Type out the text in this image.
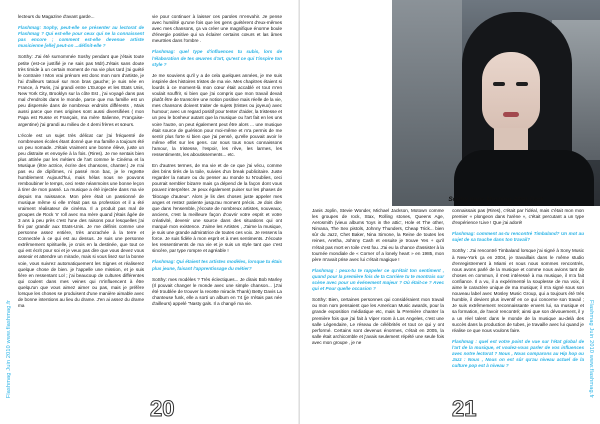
Flashmag Juin 2010 www.flashmag.fr

lecteurs du Magazine d'avant garde...

Flashmag: Sophy, peut-elle se présenter au lectorat de Flashmag ? Qui est-elle pour ceux qui ne la connaissent pas encore ; comment est-elle devenue artiste musicienne [elle] peut-on ...définit-elle ?

SoShy: J'ai été surnommée Soshy pendant que j'étais toute petite (est-ce justifié je ne sais pas Mdr).J'étais sans doute très timide à un certain moment de ma vie plus tard j'ai guété le contraire ! Mon vrai prénom est donc mon nom d'artiste, je l'ai d'ailleurs tatoué sur mon bras gauche; je suis née en France, à Paris, j'ai grandi entre L'Europe et les Etats Unis, New York City, Brooklyn sur la côte Est , j'ai voyagé dans pas mal d'endroits dans le monde, parce que ma famille est un peu dispersée dans de nombreux endroits différents , Mais aussi parce que mes origines sont aussi diversifiées ( mon Papa est Russe et Français, ma mère Italienne, Française-argentine) j'ai grandi au milieu de 4 demi frères et sœurs.

L'école est un sujet très délicat car j'ai fréquenté de nombreuses écoles étant donné que ma famille a toujours été un peu nomade. J'étais vraiment une bonne élève, juste un peu distraite et envoyée à la fois. (Rires). Je me sentais bien plus attirée par les métiers de l'art comme le Cinéma et la Musique (être actrice, écrire des chansons, chanter.) Je n'ai pas eu de diplômes, ni passé mon bac, je le regrette humblement Aujourd'hui, mais hélas nous ne pouvons remboubiner le temps, ceci reste néanmoins une bonne leçon à tirer de mon passé. La musique a été injectée dans ma vie depuis ma naissance. Mon père était un passionné de musique même si elle n'était pas sa profession et il a été vraiment réalisateur de cinéma. Il a produit pas mal de groupes de Rock 'n' roll avec ma mère quand j'étais âgée de 3 ans à peu près c'est l'une des raisons pour lesquelles j'ai fini par grandir aux Etats-Unis. Je me définis comme une personne assez entière, très ancrachée à la terre et Connectée à ce qui est au dessus. Je suis une personne extrêmement spirituelle, je crois en la destinée, que tout ce qui est écrit pour soi et je veux pas dire que vous devez vous asseoir et attendre un miracle, mais si vous lisez sur la bonne voie, vous suivrez automatiquement les Signes et réaliserez quelque chose de bien. je l'appelle une mission, et je suis fière en ressentant Lol ; j'ai beaucoup de cultures différentes qui coulent dans mes veines qui m'influencent à être quelqu'un que vous aimez aimer ou pas, mais je préfère lorsque les choses se produisent d'une manière aimable avec de bonne intentions au lieu du drame. J'en ai assez du drame ma

vie pour continuer à laisser ces paroles m'envahir. Je pense avec humilité qu'une fois que les gens guétèrent d'eux-mêmes avec mes chansons, ça va créer une magnifique énorme boule d'énergie positive qui va éclairer certains cœurs et las âmes meurtries dans l'ombre .

Flashmag: quel type d'influences tu subis, lors de l'élaboration de tes œuvres d'art, qu'est ce qui t'inspire ton style ?

Je me souviens qu'il y a de cela quelques années, je me suis inspirée des histoires tristes de ma vie. Mes chapitres étaient si lourds à ce moment-là mon cœur était accablé et tout m'en voulait souffrir, si bien que j'ai compris que mon travail devait plutôt être de transcrire une notion positive mais réelle de la vie, mes chansons doivent traiter de sujets (tristes ou joyeux) avec humour; avec un regard positif pour tenter d'aider, la tristesse et un peu le bonheur autant que la musique ou l'art fait en les uns voire l'autre, on peut également peut être alors ... une musique était source de guérison pour moi-même et m'a permis de me sentir plus forte si bien que j'ai pensé, qu'elle pouvait avoir le même effet sur les gens. car nous tous nous connaissons l'amour, la tristesse, l'espoir, les rêve, les larmes, les ressentiments, les aboutissements... etc.

En d'autres termes, de ma vie et de ce que j'ai vécu, comme des brins tirés de la toile, suivies d'un break publicitaire. Juste regarder la nature ou du penser au monde tu N'oublies, ceci pourrait sembler bizarre mais ça dépend de la façon dont vous pouvez interpréter. Je peux également puiser sur les phases de 'blocage d'auteur'. Alors je lis des choses juste appeler mes anges et restez patiente jusqu'au moment précis. Je dois dire que dans l'ensemble, j'écoute de nombreux artistes, nouveaux, anciens, c'est la meilleure façon d'ouvrir votre esprit et votre créativité, devenir une source dans des situations qui ont marqué mon existence. J'aime les Artistes , J'aime la musique, je suis une grande admiratrice de toutes ces voix. Je ressens la force. Je suis fidèle à mon esprit et à mes sentiments. J'écoute les ressentiments de ma vie et je suis un style tant que c'est sincère, par type rompre et agréable !

Flashmag: Qui étaient tes artistes modèles, lorsque tu étais plus jeune, faisant l'apprentissage du métier?

SoShy: mes modèles ? Très éclectiques... Je dirais Bob Marley (Il pouvait changer le monde avec une simple chanson... )J'ai été troublée de trouver la recette miracle.Thank) Betty Davis La chanteuse funk, elle a sorti un album en 74 (je n'étais pas née d'ailleurs) appelé "Nasty gals. Il a changé ma vie.

20
Flashmag Juin 2010 www.flashmag.fr
21
Sophy dans Morning After Dark

Janis Joplin, Stevie Wonder, Michael Jackson, Motown comme les groupes de rock, Stax, Rolling stones, Queens Age, Aerosmith (vieux albums 'toys in the attic', Hole et The other, Nirvana, The Sex pistols, Johnny Thunders, Cheap Trick... bien sûr du Jazz, Chet Baker, Nina Simone, la Reine de toutes les reines, Aretha, Johnny Cash et ensuite je trouve Yes + qu'il n'était pas mort en toile c'est fou. J'ai eu la chance d'assister à la tournée mondiale de « Corner of a lonely heart » en 1985, mon père m'avait prise avec lui c'était magique !

Flashmag : peux-tu te rappeler ce qu'était ton sentiment , quand pour la première fois de ta Carrière tu te montrais sur scène avec pour un événement majeur ? Où était-ce ? Avec qui et Pour quelle occasion ?

SoShy: Bien, certaines personnes qui considéraient mon travail ou mon nom pensaient que les American Music awards, pour la grande exposition médiatique etc, mais la Première chanter la première fois que j'ai fait à Viper room à Los Angeles, c'est une salle Légendaire, Le réseau de célébrités et tout ce qui y ont performé. Certains sont devenus énormes, c'était en 2005, la salle était archicomble et j'avais seulement répété une seule fois avec mon groupe , je ne

connaissais pas (Rires), c'était par l'idéal, mais c'était mon mon premier « plongeon dans l'arène », c'était percutant a un type d'expérience !Live ! Que j'ai adoré!

Flashmag: comment as-tu rencontré Timbaland? Un mot au sujet de sa touche dans ton travail?

SoShy : J'ai rencontré Timbaland lorsque j'ai signé à Sony Music à New-York ça en 2004, je travaillais dans le même studio d'enregistrement à Miami et nous nous sommes rencontrés, nous avons parlé de la musique et comme nous avions tant de choses en commun, il s'est intéressé à ma musique, il m'a fait confiance. Il a vu, il a expérimenté la souplesse de ma voix, il aime le caractère unique de ma musique; il m'a signé sous son nouveau label avec Mosley Music Group, qui a toujours été trés humble, il devient plus inventif en ce qui concerne son travail ; Je suis extrêmement reconnaissante envers lui, sa musique et sa formation, de l'avoir rencontré; ainsi que son dévouement, il y a un réel talent dans le monde de la musique au-delà des succès dans la production de tubes, je travaille avec lui quand je réalise ce que nous voulons faire.

Flashmag : quel est votre point de vue sur l'état global de l'art de la musique, et voulez-vous parler de vos influences avec notre lectorat ? Nous , Nous comparons au Hip hop ou Jazz : Nous , Nous on est sûr qu'au niveau actuel de la culture pop est à niveau ?
